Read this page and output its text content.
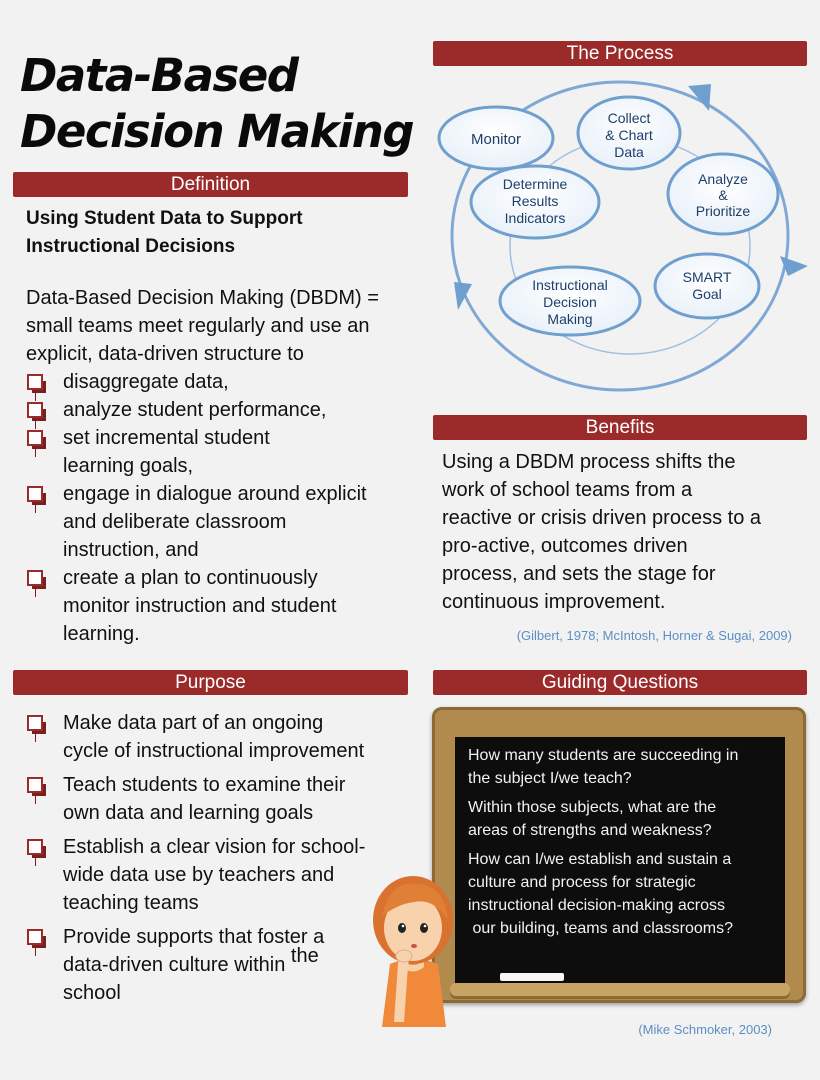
Data-Based
Decision Making
Definition
Using Student Data to Support
Instructional Decisions
Data-Based Decision Making (DBDM) =
small teams meet regularly and use an
explicit, data-driven structure to
disaggregate data,
analyze student performance,
set incremental student
learning goals,
engage in dialogue around explicit
and deliberate classroom
instruction, and
create a plan to continuously
monitor instruction and student
learning.
The Process
Monitor
Collect
& Chart
Data
Analyze
&
Prioritize
SMART
Goal
Instructional
Decision
Making
Determine
Results
Indicators
Benefits
Using a DBDM process shifts the
work of school teams from a
reactive or crisis driven process to a
pro-active, outcomes driven
process, and sets the stage for
continuous improvement.
(Gilbert, 1978; McIntosh, Horner & Sugai, 2009)
Purpose
Make data part of an ongoing
cycle of instructional improvement
Teach students to examine their
own data and learning goals
Establish a clear vision for school-
wide data use by teachers and
teaching teams
Provide supports that foster a
data-driven culture within the
school
Guiding Questions
How many students are succeeding in
the subject I/we teach?
Within those subjects, what are the
areas of strengths and weakness?
How can I/we establish and sustain a
culture and process for strategic
instructional decision-making across
our building, teams and classrooms?
(Mike Schmoker, 2003)
